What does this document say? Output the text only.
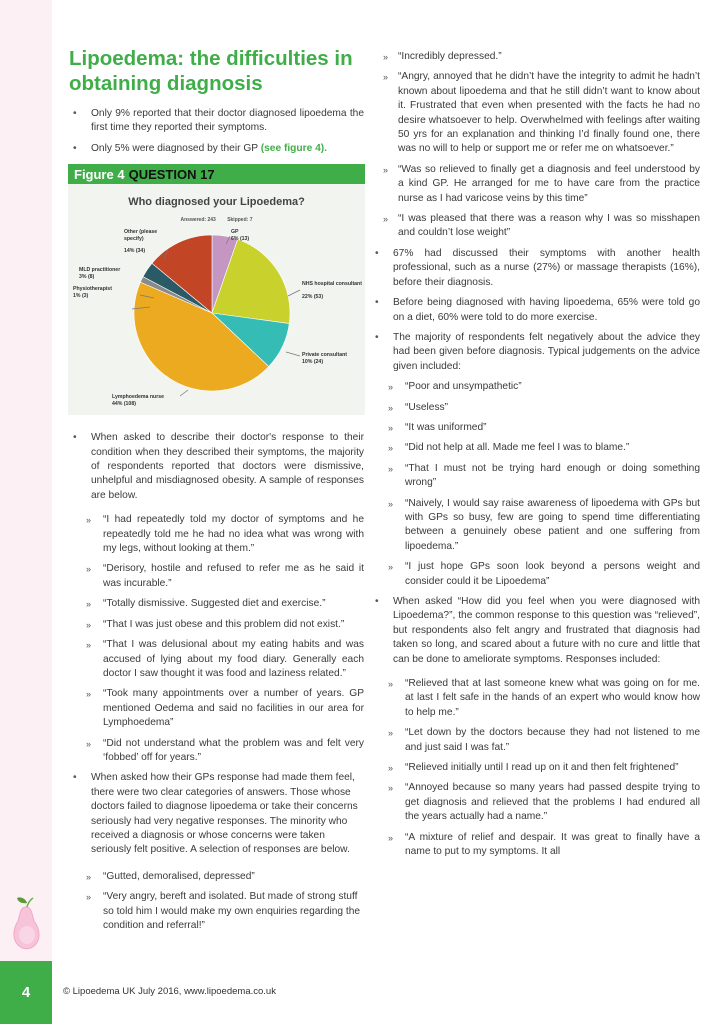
4
Lipoedema: the difficulties in obtaining diagnosis
• Only 9% reported that their doctor diagnosed lipoedema the first time they reported their symptoms.
• Only 5% were diagnosed by their GP (see figure 4).
Figure 4 QUESTION 17
Who diagnosed your Lipoedema?
Answered: 243 Skipped: 7
GP
6% (13)
NHS hospital consultant
22% (53)
Private consultant
10% (24)
Lymphoedema nurse
44% (108)
Physiotherapist
1% (3)
MLD practitioner
3% (8)
Other (please
specify)
14% (34)
• When asked to describe their doctor's response to their condition when they described their symptoms, the majority of respondents reported that doctors were dismissive, unhelpful and misdiagnosed obesity. A sample of responses are below.
» “I had repeatedly told my doctor of symptoms and he repeatedly told me he had no idea what was wrong with my legs, without looking at them.”
» “Derisory, hostile and refused to refer me as he said it was incurable.”
» “Totally dismissive. Suggested diet and exercise.”
» “That I was just obese and this problem did not exist.”
» “That I was delusional about my eating habits and was accused of lying about my food diary. Generally each doctor I saw thought it was food and laziness related.”
» “Took many appointments over a number of years. GP mentioned Oedema and said no facilities in our area for Lymphoedema”
» “Did not understand what the problem was and felt very ‘fobbed’ off for years.”
• When asked how their GPs response had made them feel, there were two clear categories of answers. Those whose doctors failed to diagnose lipoedema or take their concerns seriously had very negative responses. The minority who received a diagnosis or whose concerns were taken seriously felt positive. A selection of responses are below.
» “Gutted, demoralised, depressed”
» “Very angry, bereft and isolated. But made of strong stuff so told him I would make my own enquiries regarding the condition and referral!”
» “Incredibly depressed.”
» “Angry, annoyed that he didn’t have the integrity to admit he hadn’t known about lipoedema and that he still didn’t want to know about it. Frustrated that even when presented with the facts he had no desire whatsoever to help. Overwhelmed with feelings after waiting 50 yrs for an explanation and thinking I’d finally found one, there was no will to help or support me or refer me on whatsoever.”
» “Was so relieved to finally get a diagnosis and feel understood by a kind GP. He arranged for me to have care from the practice nurse as I had varicose veins by this time”
» “I was pleased that there was a reason why I was so misshapen and couldn’t lose weight”
• 67% had discussed their symptoms with another health professional, such as a nurse (27%) or massage therapists (16%), before their diagnosis.
• Before being diagnosed with having lipoedema, 65% were told go on a diet, 60% were told to do more exercise.
• The majority of respondents felt negatively about the advice they had been given before diagnosis. Typical judgements on the advice given included:
» “Poor and unsympathetic”
» “Useless”
» “It was uniformed”
» “Did not help at all. Made me feel I was to blame.”
» “That I must not be trying hard enough or doing something wrong”
» “Naively, I would say raise awareness of lipoedema with GPs but with GPs so busy, few are going to spend time differentiating between a genuinely obese patient and one suffering from lipoedema.”
» “I just hope GPs soon look beyond a persons weight and consider could it be Lipoedema”
• When asked “How did you feel when you were diagnosed with Lipoedema?”, the common response to this question was “relieved”, but respondents also felt angry and frustrated that diagnosis had taken so long, and scared about a future with no cure and little that can be done to ameliorate symptoms. Responses included:
» “Relieved that at last someone knew what was going on for me. at last I felt safe in the hands of an expert who would know how to help me.”
» “Let down by the doctors because they had not listened to me and just said I was fat.”
» “Relieved initially until I read up on it and then felt frightened”
» “Annoyed because so many years had passed despite trying to get diagnosis and relieved that the problems I had endured all the years actually had a name.”
» “A mixture of relief and despair. It was great to finally have a name to put to my symptoms. It all
© Lipoedema UK July 2016, www.lipoedema.co.uk
